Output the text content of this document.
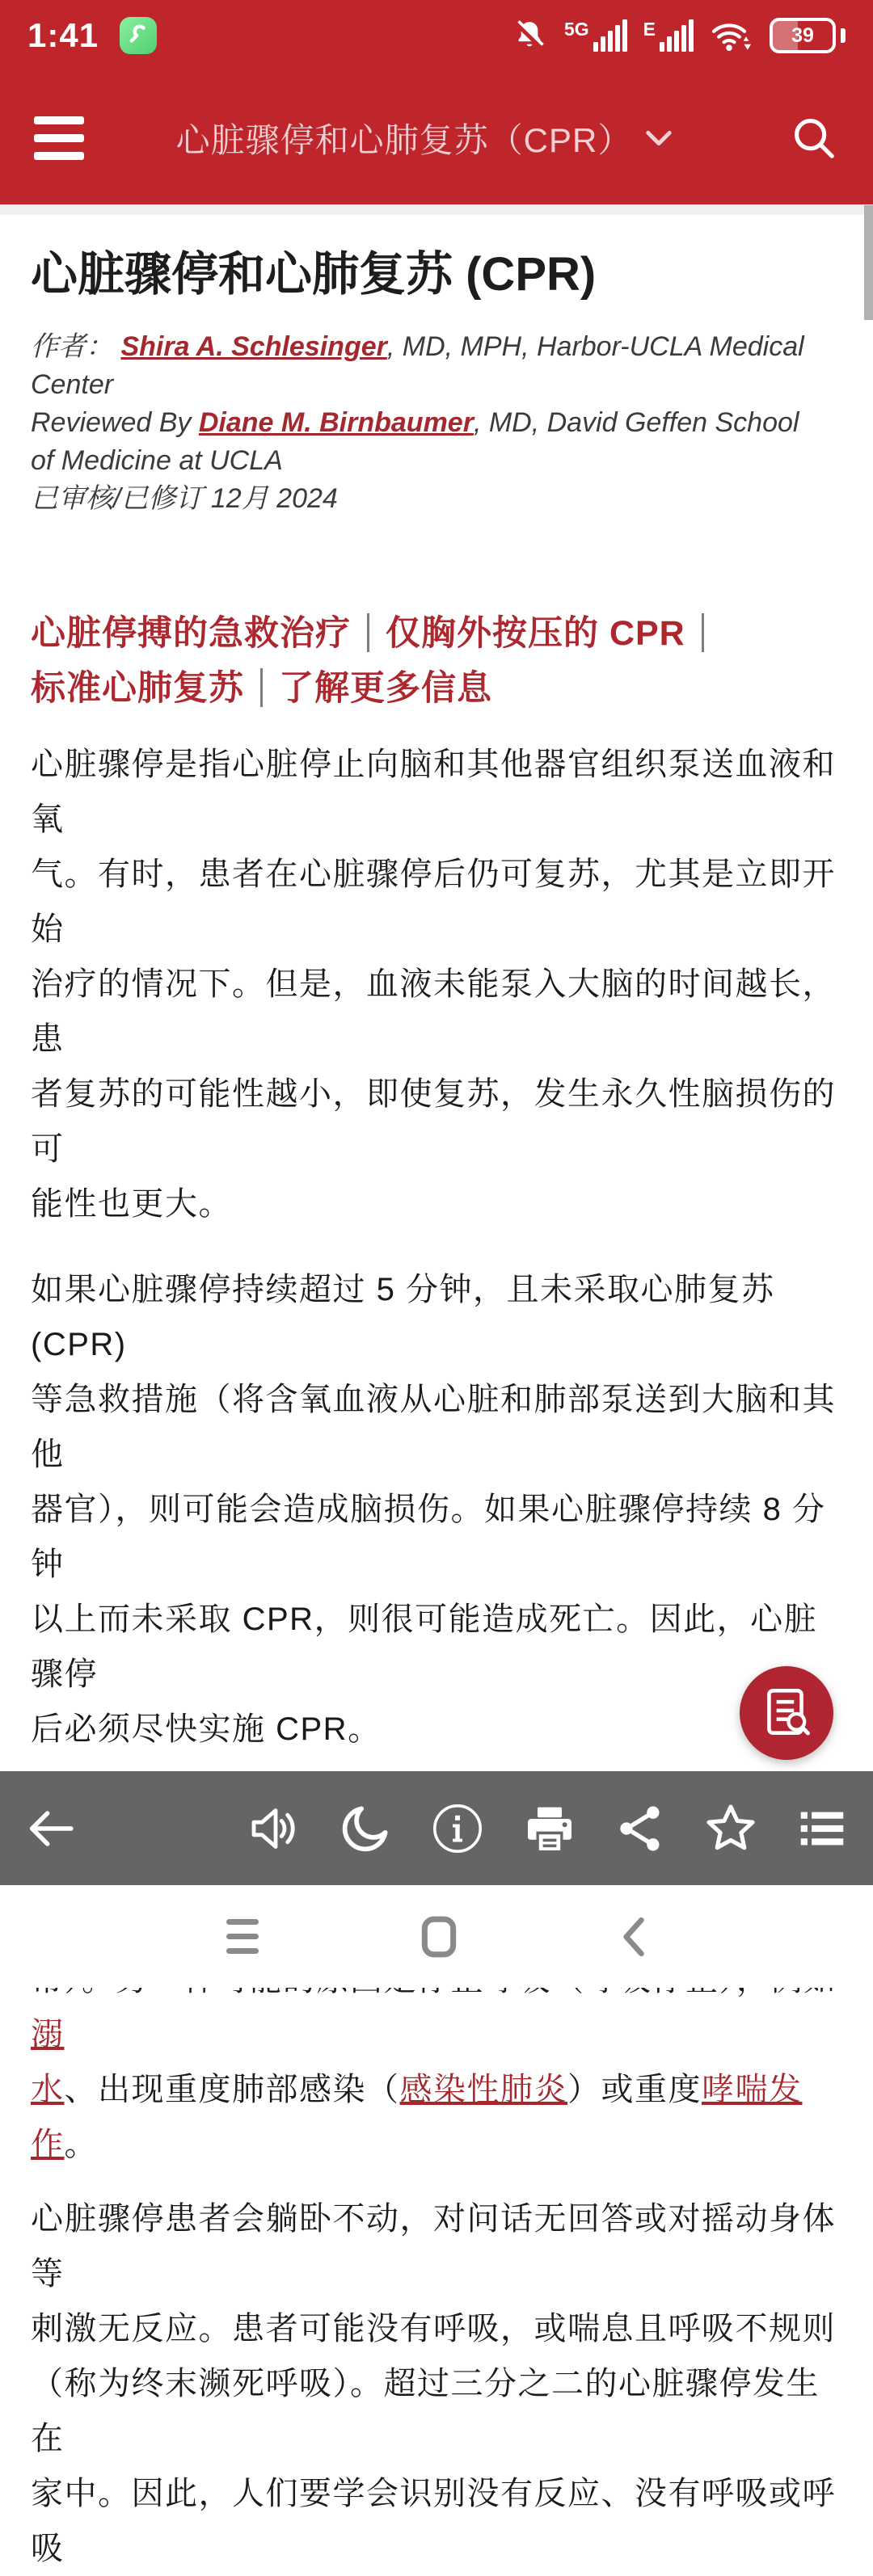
1:41	5G	E	39
心脏骤停和心肺复苏（CPR）
心脏骤停和心肺复苏 (CPR)

作者： Shira A. Schlesinger, MD, MPH, Harbor-UCLA Medical
Center
Reviewed By Diane M. Birnbaumer, MD, David Geffen School
of Medicine at UCLA
已审核/已修订 12月 2024

心脏停搏的急救治疗 仅胸外按压的 CPR
标准心肺复苏 了解更多信息

心脏骤停是指心脏停止向脑和其他器官组织泵送血液和氧
气。有时，患者在心脏骤停后仍可复苏，尤其是立即开始
治疗的情况下。但是，血液未能泵入大脑的时间越长，患
者复苏的可能性越小，即使复苏，发生永久性脑损伤的可
能性也更大。

如果心脏骤停持续超过 5 分钟，且未采取心肺复苏 (CPR)
等急救措施（将含氧血液从心脏和肺部泵送到大脑和其他
器官），则可能会造成脑损伤。如果心脏骤停持续 8 分钟
以上而未采取 CPR，则很可能造成死亡。因此，心脏骤停
后必须尽快实施 CPR。

溺
水、出现重度肺部感染（感染性肺炎）或重度哮喘发作。

心脏骤停患者会躺卧不动，对问话无回答或对摇动身体等
刺激无反应。患者可能没有呼吸，或喘息且呼吸不规则
（称为终末濒死呼吸）。超过三分之二的心脏骤停发生在
家中。因此，人们要学会识别没有反应、没有呼吸或呼吸
